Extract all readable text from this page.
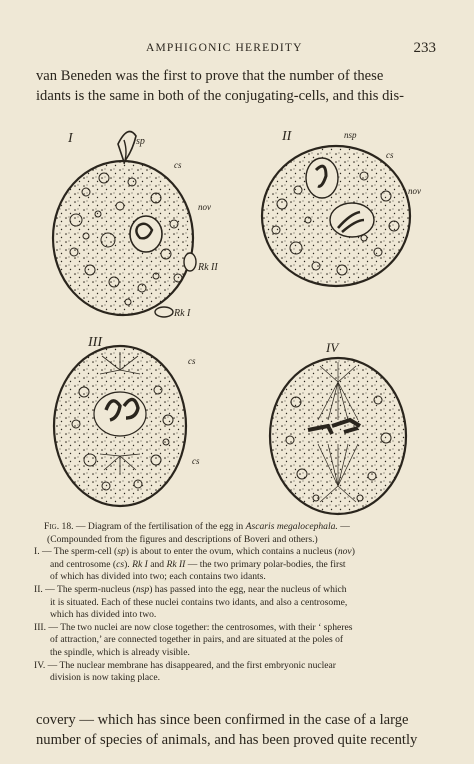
AMPHIGONIC HEREDITY	233
van Beneden was the first to prove that the number of these
idants is the same in both of the conjugating-cells, and this dis-
I	II
III	IV
sp
cs
nov
Rk II
Rk I
nsp
cs
nov
cs
cs
Fig. 18. — Diagram of the fertilisation of the egg in Ascaris megalocephala. —
(Compounded from the figures and descriptions of Boveri and others.)
I. — The sperm-cell (sp) is about to enter the ovum, which contains a nucleus (nov)
and centrosome (cs). Rk I and Rk II — the two primary polar-bodies, the first
of which has divided into two; each contains two idants.
II. — The sperm-nucleus (nsp) has passed into the egg, near the nucleus of which
it is situated. Each of these nuclei contains two idants, and also a centrosome,
which has divided into two.
III. — The two nuclei are now close together: the centrosomes, with their ‘ spheres
of attraction,’ are connected together in pairs, and are situated at the poles of
the spindle, which is already visible.
IV. — The nuclear membrane has disappeared, and the first embryonic nuclear
division is now taking place.
covery — which has since been confirmed in the case of a large
number of species of animals, and has been proved quite recently
